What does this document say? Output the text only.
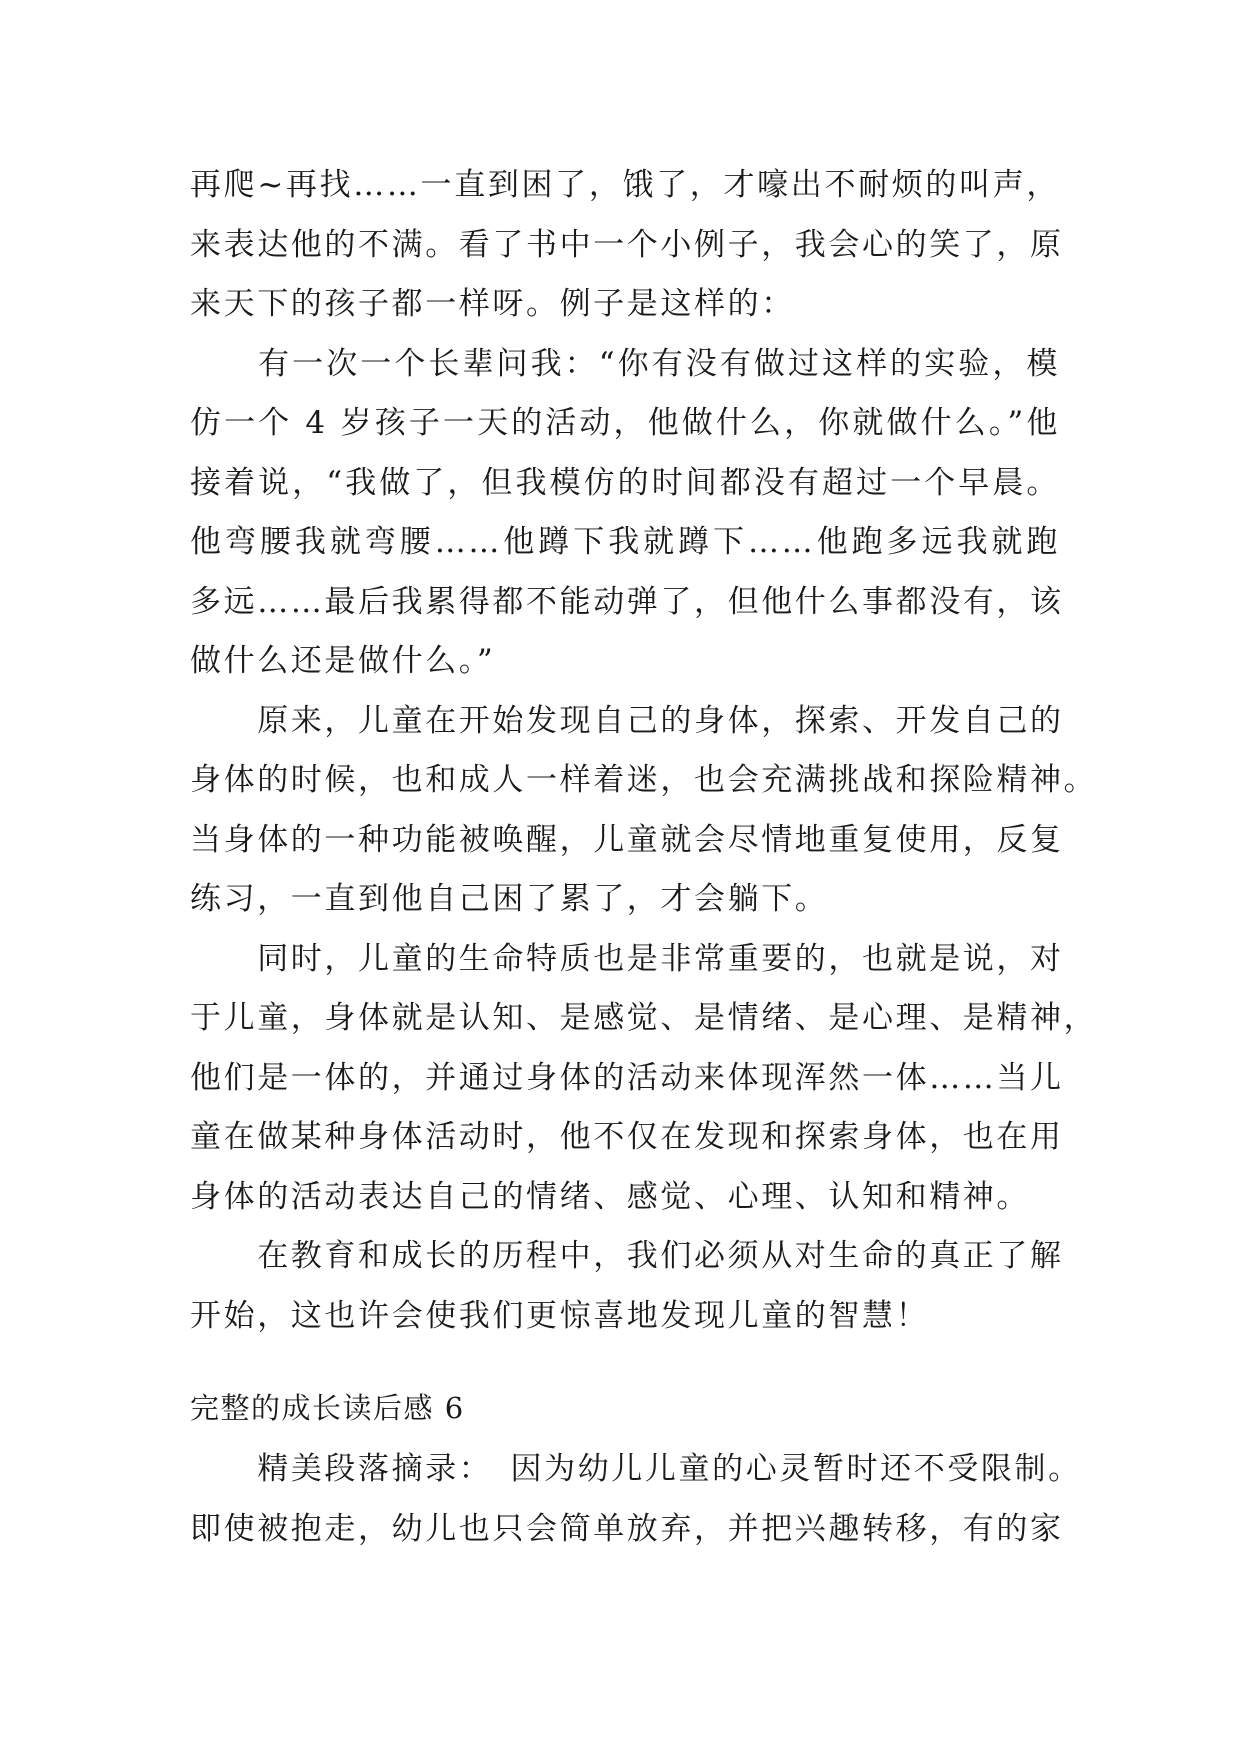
再爬~再找……一直到困了，饿了，才嚎出不耐烦的叫声，
来表达他的不满。看了书中一个小例子，我会心的笑了，原
来天下的孩子都一样呀。例子是这样的：
　　有一次一个长辈问我：“你有没有做过这样的实验，模
仿一个 4 岁孩子一天的活动，他做什么，你就做什么。”他
接着说，“我做了，但我模仿的时间都没有超过一个早晨。
他弯腰我就弯腰……他蹲下我就蹲下……他跑多远我就跑
多远……最后我累得都不能动弹了，但他什么事都没有，该
做什么还是做什么。”
　　原来，儿童在开始发现自己的身体，探索、开发自己的
身体的时候，也和成人一样着迷，也会充满挑战和探险精神。
当身体的一种功能被唤醒，儿童就会尽情地重复使用，反复
练习，一直到他自己困了累了，才会躺下。
　　同时，儿童的生命特质也是非常重要的，也就是说，对
于儿童，身体就是认知、是感觉、是情绪、是心理、是精神，
他们是一体的，并通过身体的活动来体现浑然一体……当儿
童在做某种身体活动时，他不仅在发现和探索身体，也在用
身体的活动表达自己的情绪、感觉、心理、认知和精神。
　　在教育和成长的历程中，我们必须从对生命的真正了解
开始，这也许会使我们更惊喜地发现儿童的智慧！
完整的成长读后感 6
　　精美段落摘录：　因为幼儿儿童的心灵暂时还不受限制。
即使被抱走，幼儿也只会简单放弃，并把兴趣转移，有的家
